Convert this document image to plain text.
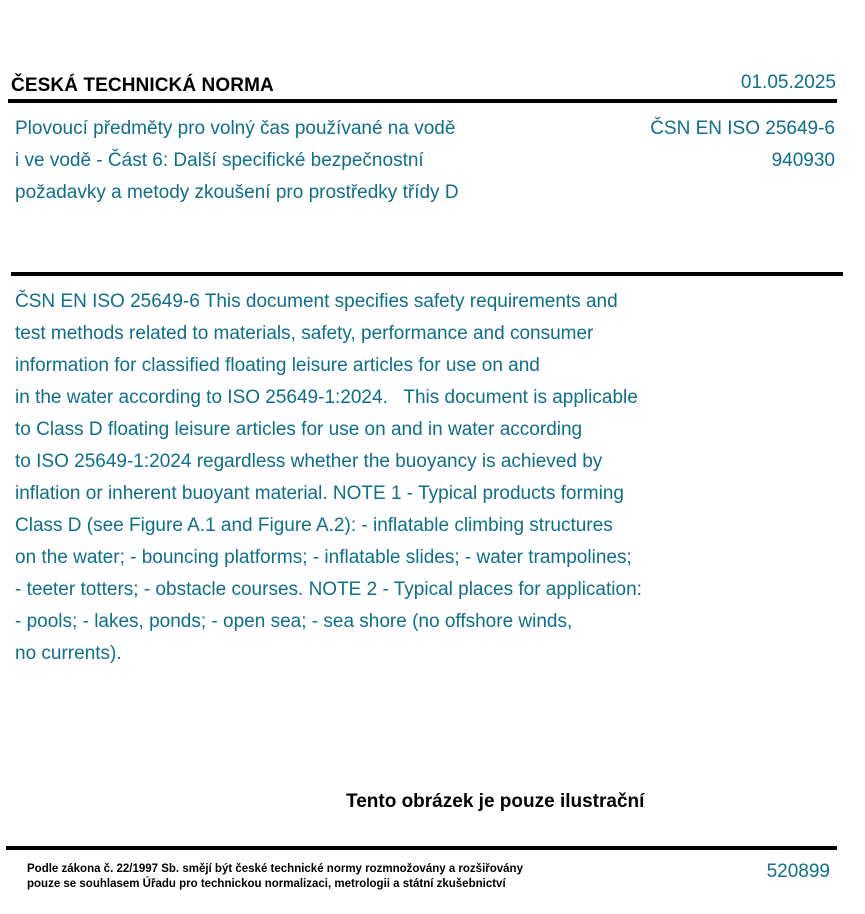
ČESKÁ TECHNICKÁ NORMA	01.05.2025
Plovoucí předměty pro volný čas používané na vodě
i ve vodě - Část 6: Další specifické bezpečnostní
požadavky a metody zkoušení pro prostředky třídy D
ČSN EN ISO 25649-6
940930
ČSN EN ISO 25649-6 This document specifies safety requirements and
test methods related to materials, safety, performance and consumer
information for classified floating leisure articles for use on and
in the water according to ISO 25649-1:2024.   This document is applicable
to Class D floating leisure articles for use on and in water according
to ISO 25649-1:2024 regardless whether the buoyancy is achieved by
inflation or inherent buoyant material. NOTE 1 - Typical products forming
Class D (see Figure A.1 and Figure A.2): - inflatable climbing structures
on the water; - bouncing platforms; - inflatable slides; - water trampolines;
- teeter totters; - obstacle courses. NOTE 2 - Typical places for application:
- pools; - lakes, ponds; - open sea; - sea shore (no offshore winds,
no currents).
Tento obrázek je pouze ilustrační
Podle zákona č. 22/1997 Sb. smějí být české technické normy rozmnožovány a rozšiřovány
pouze se souhlasem Úřadu pro technickou normalizaci, metrologii a státní zkušebnictví
520899
